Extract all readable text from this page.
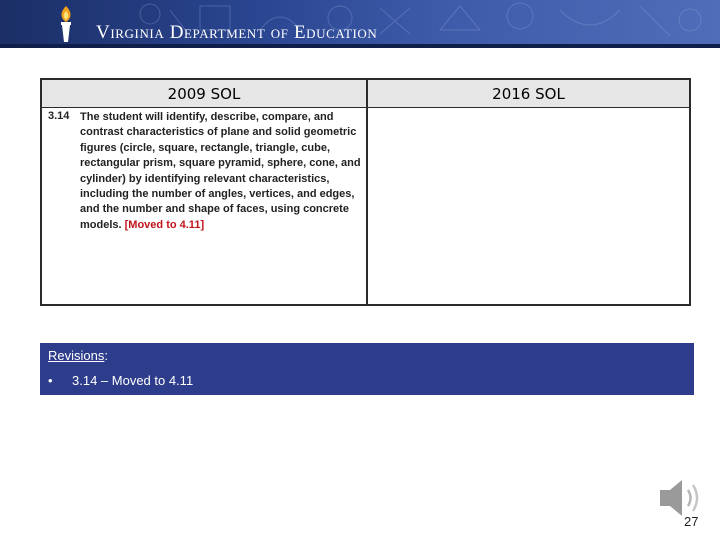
Virginia Department of Education
2009 SOL	2016 SOL
3.14 The student will identify, describe, compare, and contrast characteristics of plane and solid geometric figures (circle, square, rectangle, triangle, cube, rectangular prism, square pyramid, sphere, cone, and cylinder) by identifying relevant characteristics, including the number of angles, vertices, and edges, and the number and shape of faces, using concrete models. [Moved to 4.11]
Revisions:
• 3.14 – Moved to 4.11
27
